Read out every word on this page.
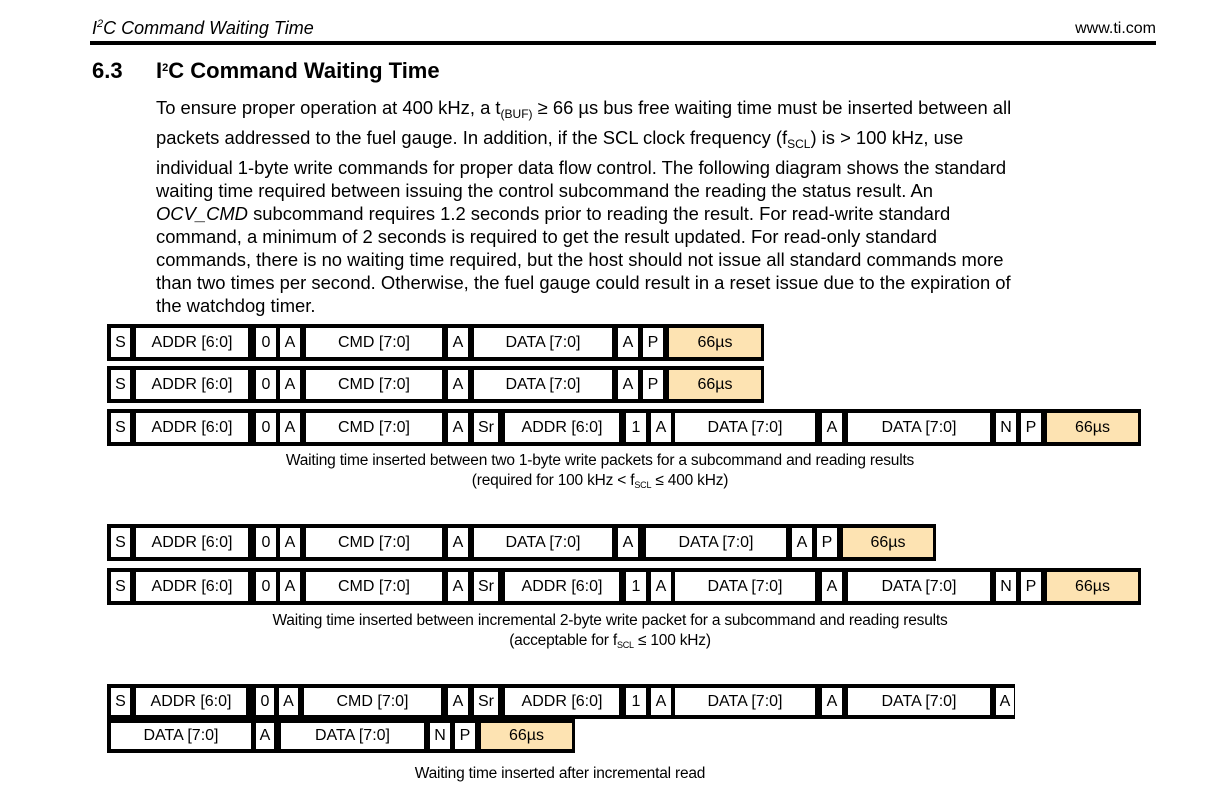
$I^2C$ Command Waiting Time	www.ti.com
6.3 $I^2C$ Command Waiting Time
To ensure proper operation at 400 kHz, a $t_{(BUF)} \ge 66$ µs bus free waiting time must be inserted between all
packets addressed to the fuel gauge. In addition, if the SCL clock frequency $(f_{SCL})$ is > 100 kHz, use
individual 1-byte write commands for proper data flow control. The following diagram shows the standard
waiting time required between issuing the control subcommand the reading the status result. An
OCV_CMD subcommand requires 1.2 seconds prior to reading the result. For read-write standard
command, a minimum of 2 seconds is required to get the result updated. For read-only standard
commands, there is no waiting time required, but the host should not issue all standard commands more
than two times per second. Otherwise, the fuel gauge could result in a reset issue due to the expiration of
the watchdog timer.
S	ADDR [6:0]	0 A	CMD [7:0]	A	DATA [7:0]	A P	66µs
S	ADDR [6:0]	0 A	CMD [7:0]	A	DATA [7:0]	A P	66µs
S	ADDR [6:0]	0 A	CMD [7:0]	A Sr	ADDR [6:0]	1 A	DATA [7:0]	A	DATA [7:0]	N P	66µs
S	ADDR [6:0]	0 A	CMD [7:0]	A	DATA [7:0]	A	DATA [7:0]	A P	66µs
S	ADDR [6:0]	0 A	CMD [7:0]	A Sr	ADDR [6:0]	1 A	DATA [7:0]	A	DATA [7:0]	N P	66µs
S	ADDR [6:0]	0 A	CMD [7:0]	A Sr	ADDR [6:0]	1 A	DATA [7:0]	A	DATA [7:0]	A
DATA [7:0]	A	DATA [7:0]	N P	66µs
Waiting time inserted between two 1-byte write packets for a subcommand and reading results
(required for 100 kHz < $f_{SCL} \le 400$ kHz)
Waiting time inserted between incremental 2-byte write packet for a subcommand and reading results
(acceptable for $f_{SCL} \le 100$ kHz)
Waiting time inserted after incremental read
